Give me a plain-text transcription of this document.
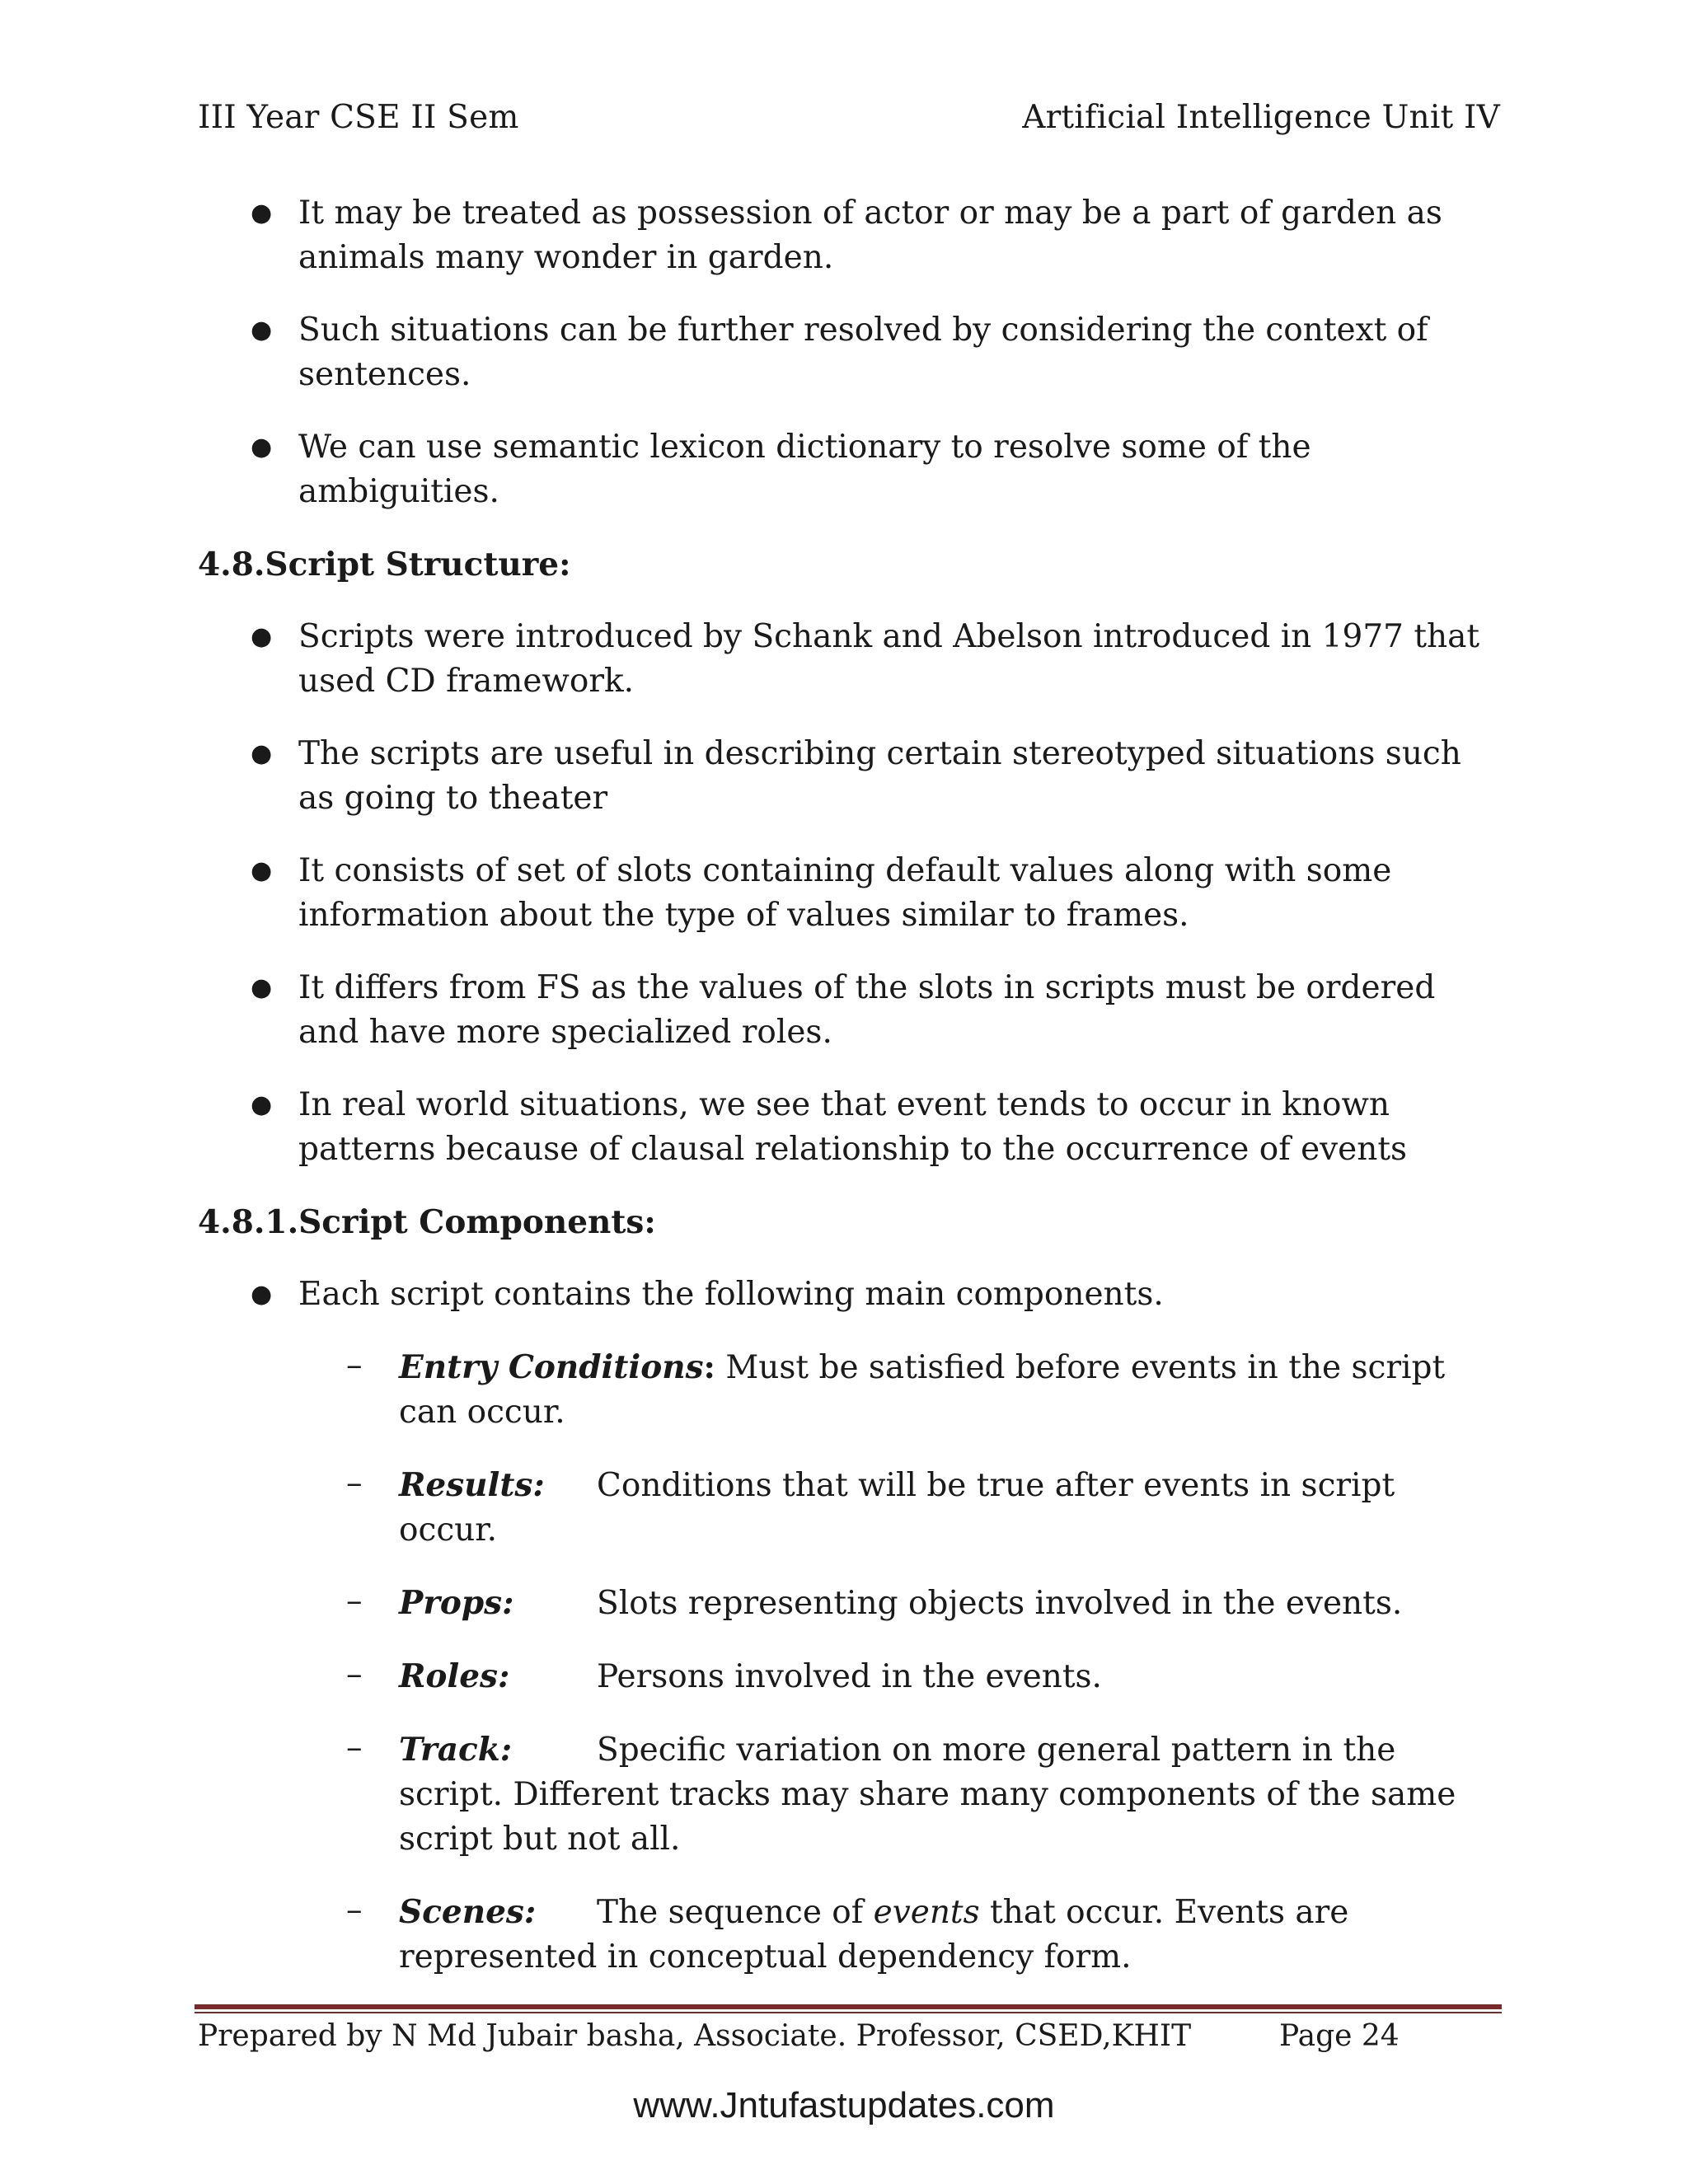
III Year CSE II Sem	Artificial Intelligence Unit IV
● It may be treated as possession of actor or may be a part of garden as animals many wonder in garden.
● Such situations can be further resolved by considering the context of sentences.
● We can use semantic lexicon dictionary to resolve some of the ambiguities.
4.8.Script Structure:
● Scripts were introduced by Schank and Abelson introduced in 1977 that used CD framework.
● The scripts are useful in describing certain stereotyped situations such as going to theater
● It consists of set of slots containing default values along with some information about the type of values similar to frames.
● It differs from FS as the values of the slots in scripts must be ordered and have more specialized roles.
● In real world situations, we see that event tends to occur in known patterns because of clausal relationship to the occurrence of events
4.8.1.Script Components:
● Each script contains the following main components.
– Entry Conditions: Must be satisfied before events in the script can occur.
– Results: Conditions that will be true after events in script occur.
– Props:	Slots representing objects involved in the events.
– Roles:	Persons involved in the events.
– Track:	Specific variation on more general pattern in the script. Different tracks may share many components of the same script but not all.
– Scenes: The sequence of events that occur. Events are represented in conceptual dependency form.
Prepared by N Md Jubair basha, Associate. Professor, CSED,KHIT	Page 24
www.Jntufastupdates.com
